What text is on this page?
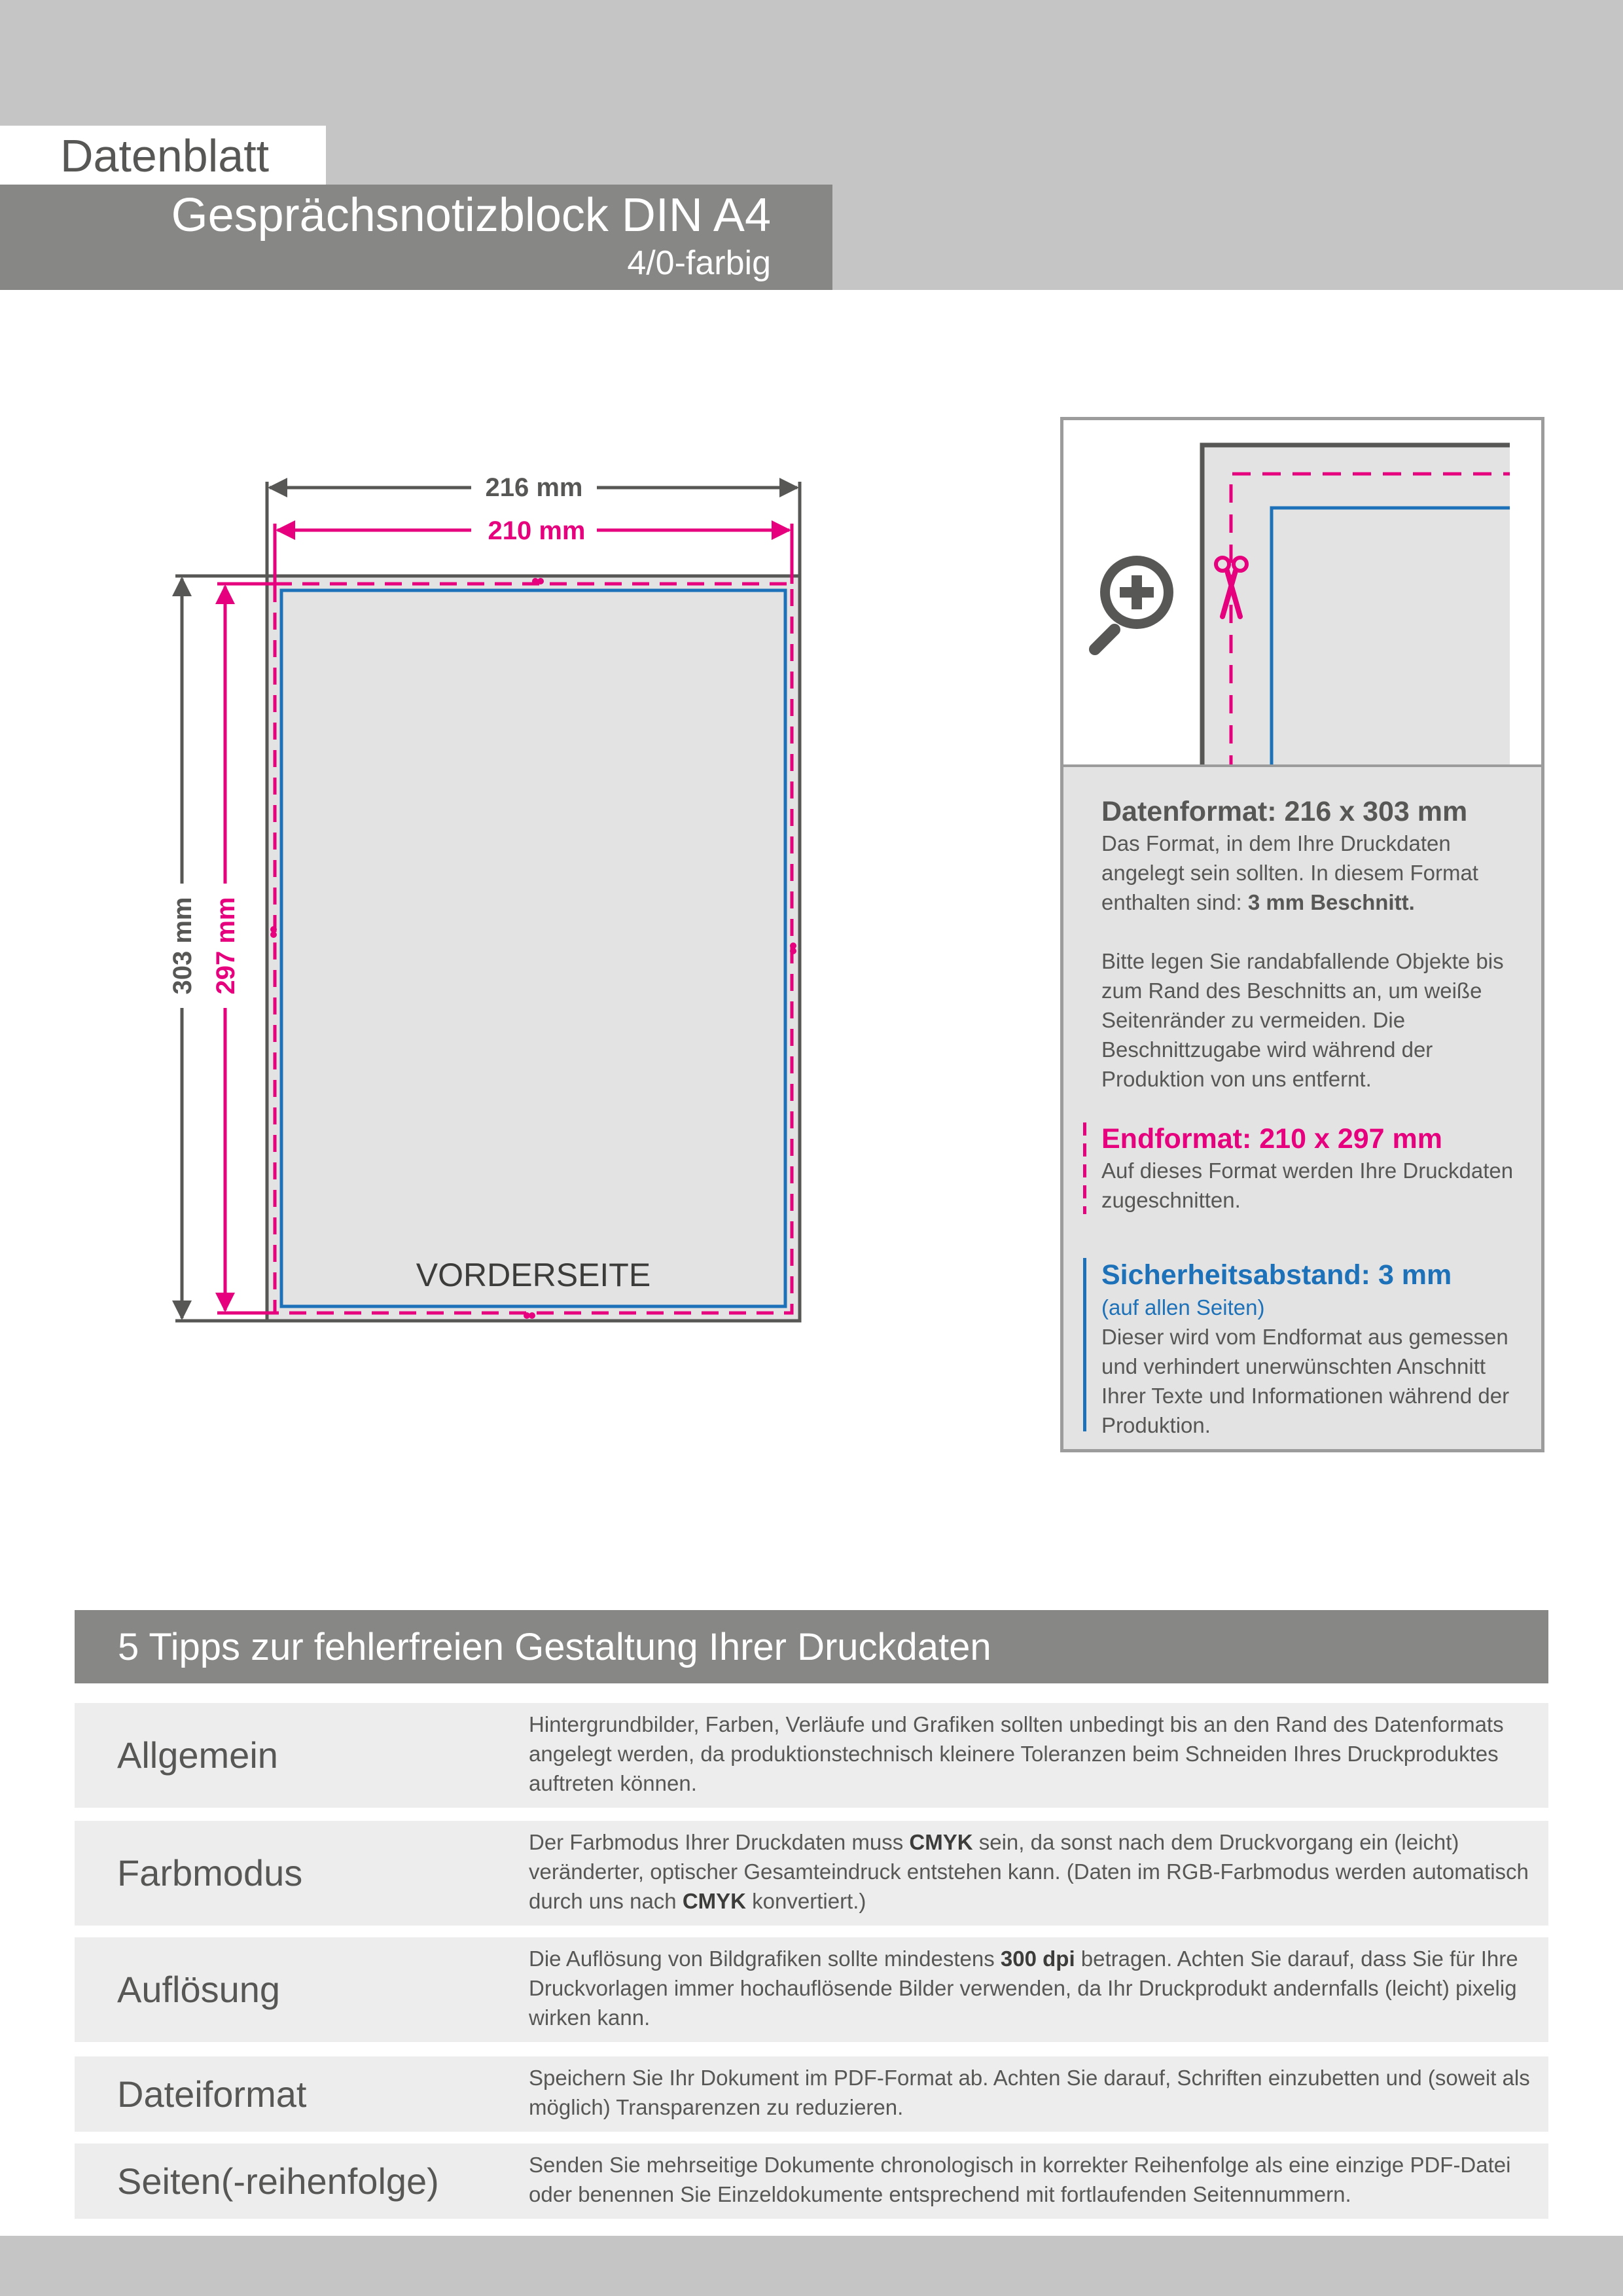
Datenblatt
Gesprächsnotizblock DIN A4
4/0-farbig
216 mm
210 mm
303 mm 297 mm
VORDERSEITE
Datenformat: 216 x 303 mm
Das Format, in dem Ihre Druckdaten angelegt sein sollten. In diesem Format enthalten sind: 3 mm Beschnitt.
Bitte legen Sie randabfallende Objekte bis zum Rand des Beschnitts an, um weiße Seitenränder zu vermeiden. Die Beschnittzugabe wird während der Produktion von uns entfernt.
Endformat: 210 x 297 mm
Auf dieses Format werden Ihre Druckdaten zugeschnitten.
Sicherheitsabstand: 3 mm
(auf allen Seiten)
Dieser wird vom Endformat aus gemessen und verhindert unerwünschten Anschnitt Ihrer Texte und Informationen während der Produktion.
5 Tipps zur fehlerfreien Gestaltung Ihrer Druckdaten
Allgemein
Hintergrundbilder, Farben, Verläufe und Grafiken sollten unbedingt bis an den Rand des Datenformats angelegt werden, da produktionstechnisch kleinere Toleranzen beim Schneiden Ihres Druckproduktes auftreten können.
Farbmodus
Der Farbmodus Ihrer Druckdaten muss CMYK sein, da sonst nach dem Druckvorgang ein (leicht) veränderter, optischer Gesamteindruck entstehen kann. (Daten im RGB-Farbmodus werden automatisch durch uns nach CMYK konvertiert.)
Auflösung
Die Auflösung von Bildgrafiken sollte mindestens 300 dpi betragen. Achten Sie darauf, dass Sie für Ihre Druckvorlagen immer hochauflösende Bilder verwenden, da Ihr Druckprodukt andernfalls (leicht) pixelig wirken kann.
Dateiformat	Speichern Sie Ihr Dokument im PDF-Format ab. Achten Sie darauf, Schriften einzubetten und (soweit als möglich) Transparenzen zu reduzieren.
Seiten(-reihenfolge)	Senden Sie mehrseitige Dokumente chronologisch in korrekter Reihenfolge als eine einzige PDF-Datei oder benennen Sie Einzeldokumente entsprechend mit fortlaufenden Seitennummern.
